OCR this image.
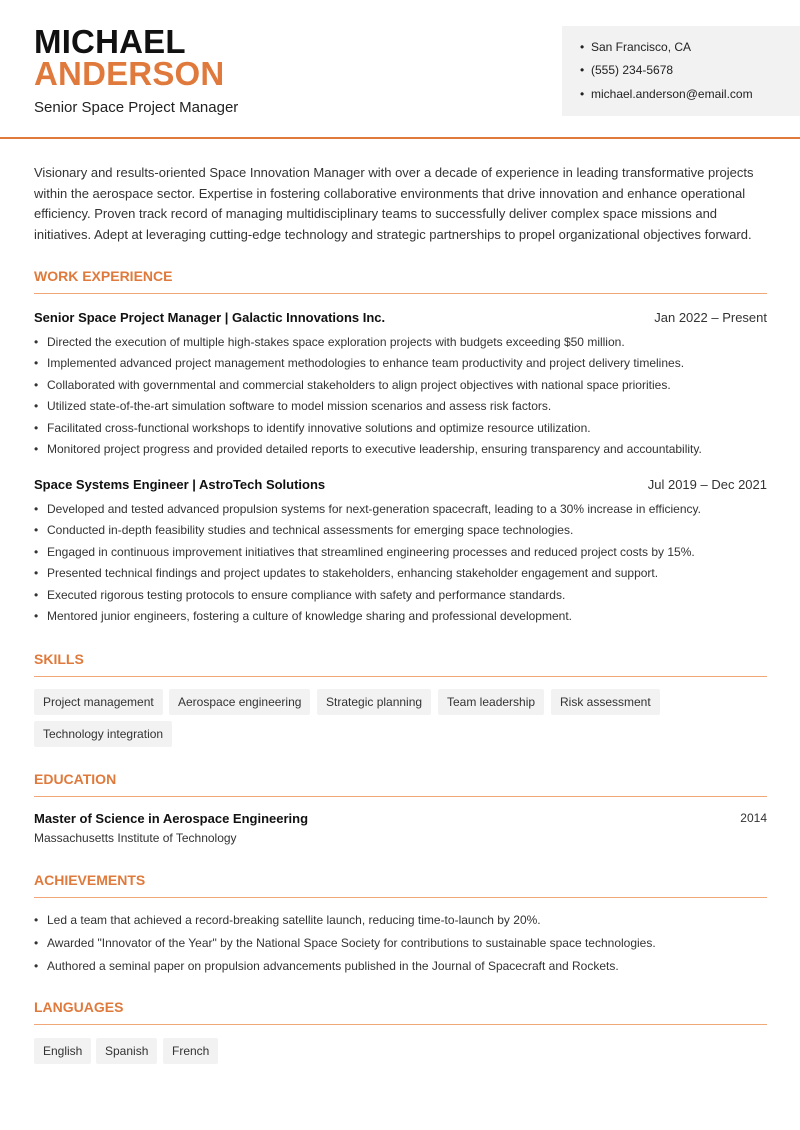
MICHAEL
ANDERSON
Senior Space Project Manager
• San Francisco, CA
• (555) 234-5678
• michael.anderson@email.com
Visionary and results-oriented Space Innovation Manager with over a decade of experience in leading transformative projects within the aerospace sector. Expertise in fostering collaborative environments that drive innovation and enhance operational efficiency. Proven track record of managing multidisciplinary teams to successfully deliver complex space missions and initiatives. Adept at leveraging cutting-edge technology and strategic partnerships to propel organizational objectives forward.
WORK EXPERIENCE
Senior Space Project Manager | Galactic Innovations Inc.	Jan 2022 – Present
• Directed the execution of multiple high-stakes space exploration projects with budgets exceeding $50 million.
• Implemented advanced project management methodologies to enhance team productivity and project delivery timelines.
• Collaborated with governmental and commercial stakeholders to align project objectives with national space priorities.
• Utilized state-of-the-art simulation software to model mission scenarios and assess risk factors.
• Facilitated cross-functional workshops to identify innovative solutions and optimize resource utilization.
• Monitored project progress and provided detailed reports to executive leadership, ensuring transparency and accountability.
Space Systems Engineer | AstroTech Solutions	Jul 2019 – Dec 2021
• Developed and tested advanced propulsion systems for next-generation spacecraft, leading to a 30% increase in efficiency.
• Conducted in-depth feasibility studies and technical assessments for emerging space technologies.
• Engaged in continuous improvement initiatives that streamlined engineering processes and reduced project costs by 15%.
• Presented technical findings and project updates to stakeholders, enhancing stakeholder engagement and support.
• Executed rigorous testing protocols to ensure compliance with safety and performance standards.
• Mentored junior engineers, fostering a culture of knowledge sharing and professional development.
SKILLS
Project management	Aerospace engineering	Strategic planning	Team leadership	Risk assessment
Technology integration
EDUCATION
Master of Science in Aerospace Engineering	2014
Massachusetts Institute of Technology
ACHIEVEMENTS
• Led a team that achieved a record-breaking satellite launch, reducing time-to-launch by 20%.
• Awarded "Innovator of the Year" by the National Space Society for contributions to sustainable space technologies.
• Authored a seminal paper on propulsion advancements published in the Journal of Spacecraft and Rockets.
LANGUAGES
English	Spanish	French
